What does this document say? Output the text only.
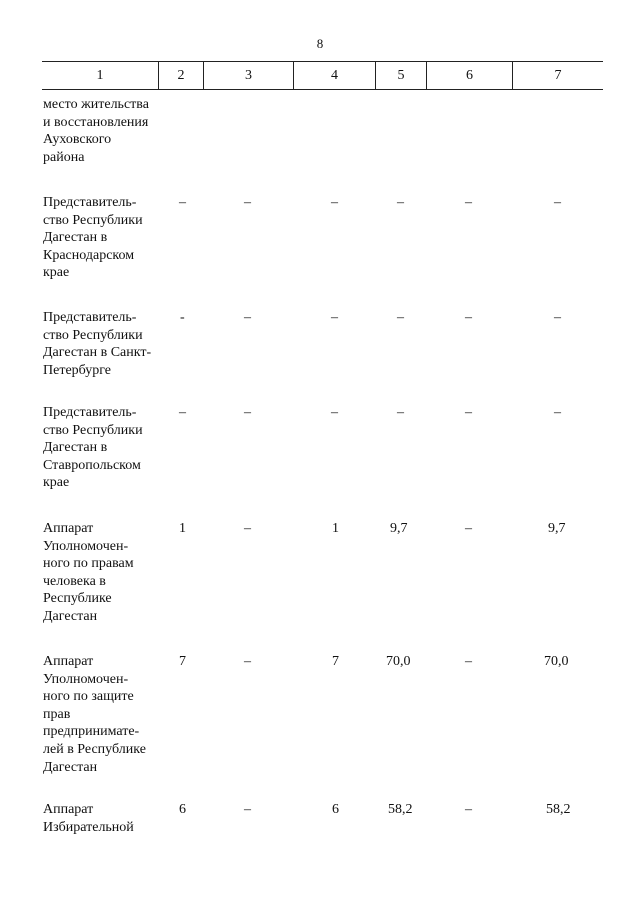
8
1	2	3	4	5	6	7
место жительства
и восстановления
Ауховского
района
Представитель-
ство Республики
Дагестан в
Краснодарском
крае
–	–	–	–	–	–
Представитель-
ство Республики
Дагестан в Санкт-
Петербурге
-	–	–	–	–	–
Представитель-
ство Республики
Дагестан в
Ставропольском
крае
–	–	–	–	–	–
Аппарат
Уполномочен-
ного по правам
человека в
Республике
Дагестан
1	–	1	9,7	–	9,7
Аппарат
Уполномочен-
ного по защите
прав
предпринимате-
лей в Республике
Дагестан
7	–	7	70,0	–	70,0
Аппарат
Избирательной
6	–	6	58,2	–	58,2
